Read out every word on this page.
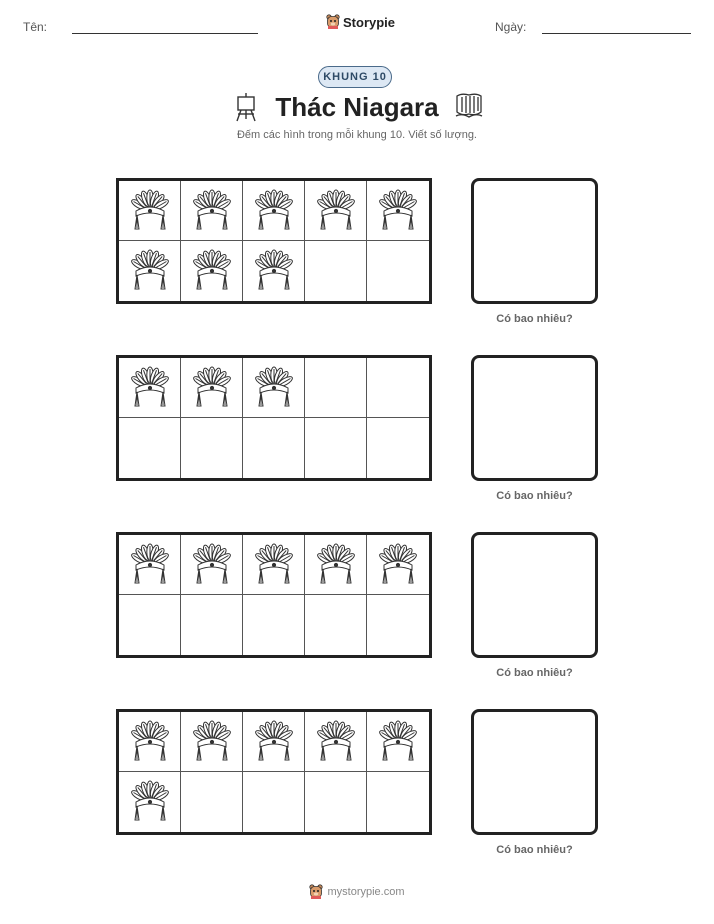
Tên:	Storypie	Ngày:
KHUNG 10
Thác Niagara
Đếm các hình trong mỗi khung 10. Viết số lượng.
Có bao nhiêu?
Có bao nhiêu?
Có bao nhiêu?
Có bao nhiêu?
mystorypie.com
